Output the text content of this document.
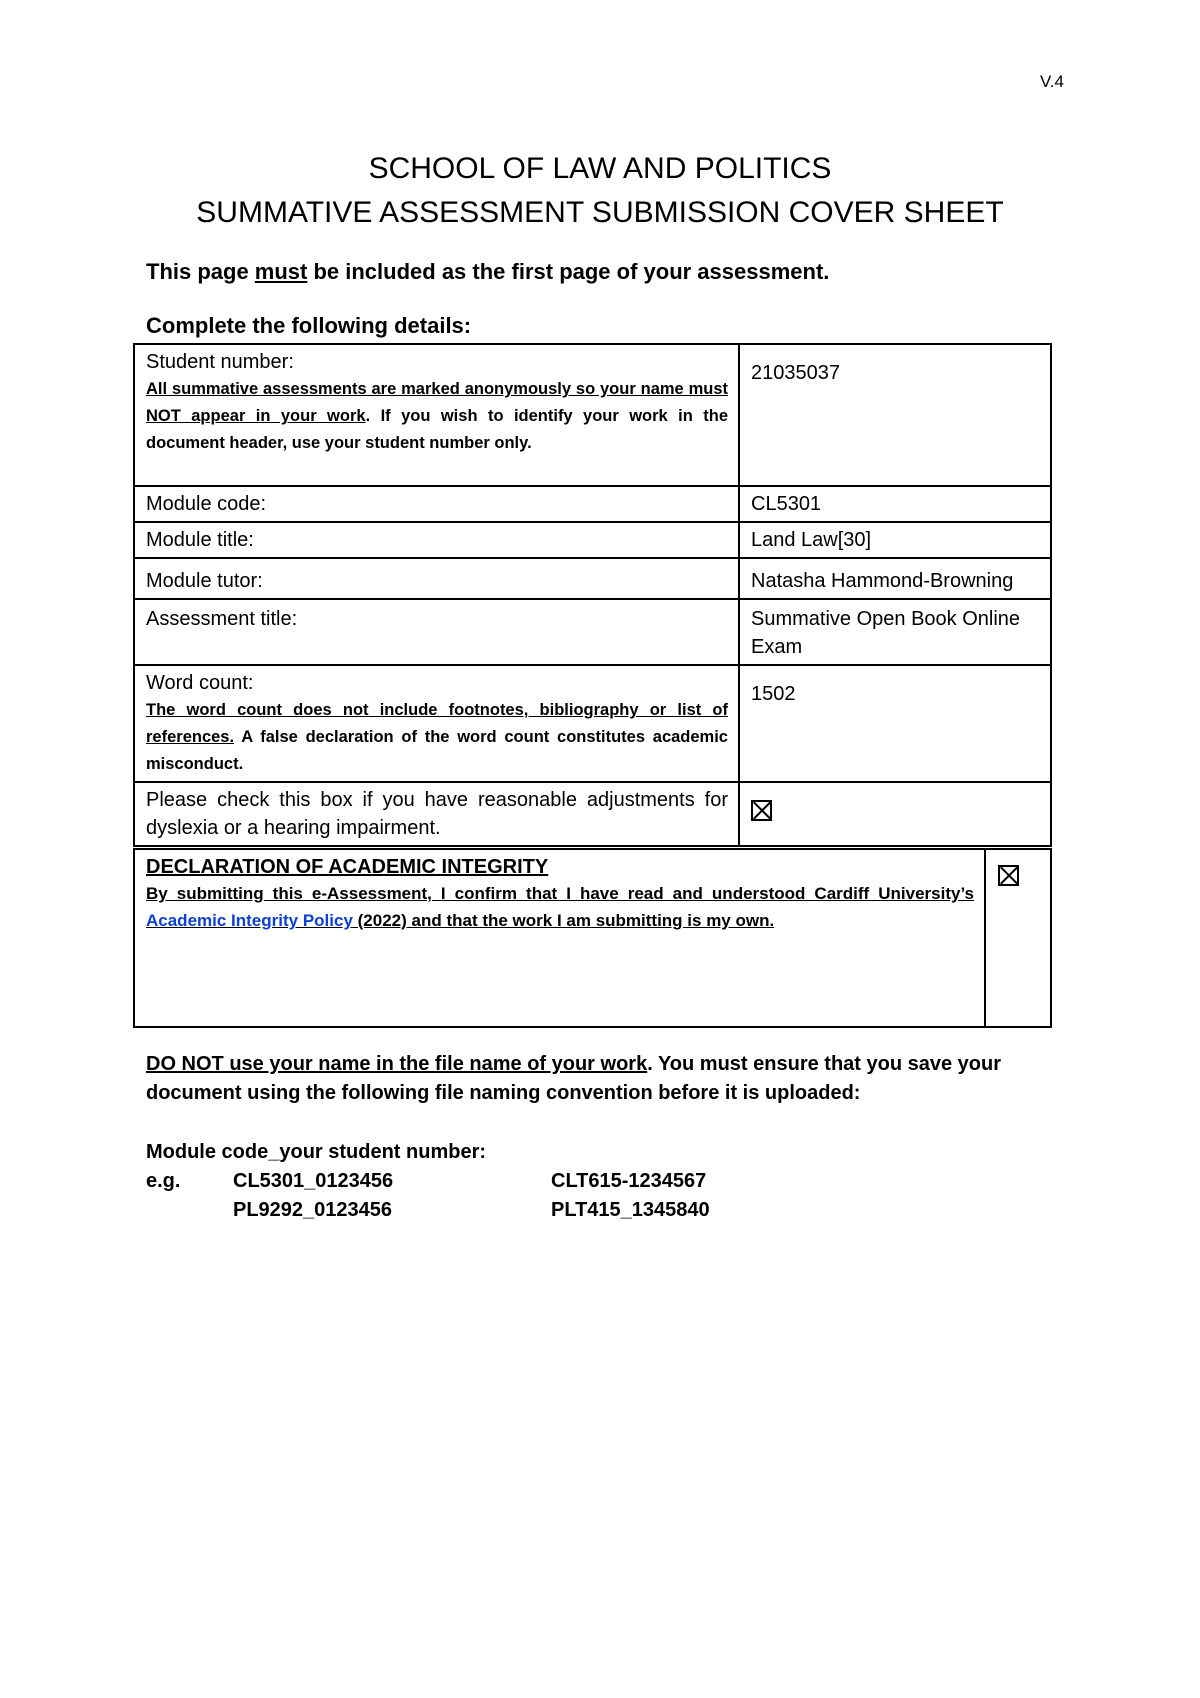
V.4
SCHOOL OF LAW AND POLITICS
SUMMATIVE ASSESSMENT SUBMISSION COVER SHEET
This page must be included as the first page of your assessment.
Complete the following details:
Student number:
All summative assessments are marked anonymously so your name must NOT appear in your work. If you wish to identify your work in the document header, use your student number only.	21035037
Module code:	CL5301
Module title:	Land Law[30]
Module tutor:	Natasha Hammond-Browning
Assessment title:	Summative Open Book Online Exam

Word count:
The word count does not include footnotes, bibliography or list of references. A false declaration of the word count constitutes academic misconduct.	1502
Please check this box if you have reasonable adjustments for dyslexia or a hearing impairment.	
DECLARATION OF ACADEMIC INTEGRITY
By submitting this e-Assessment, I confirm that I have read and understood Cardiff University’s Academic Integrity Policy (2022) and that the work I am submitting is my own.

DO NOT use your name in the file name of your work. You must ensure that you save your document using the following file naming convention before it is uploaded:
Module code_your student number:
e.g.	CL5301_0123456	CLT615-1234567
PL9292_0123456	PLT415_1345840
